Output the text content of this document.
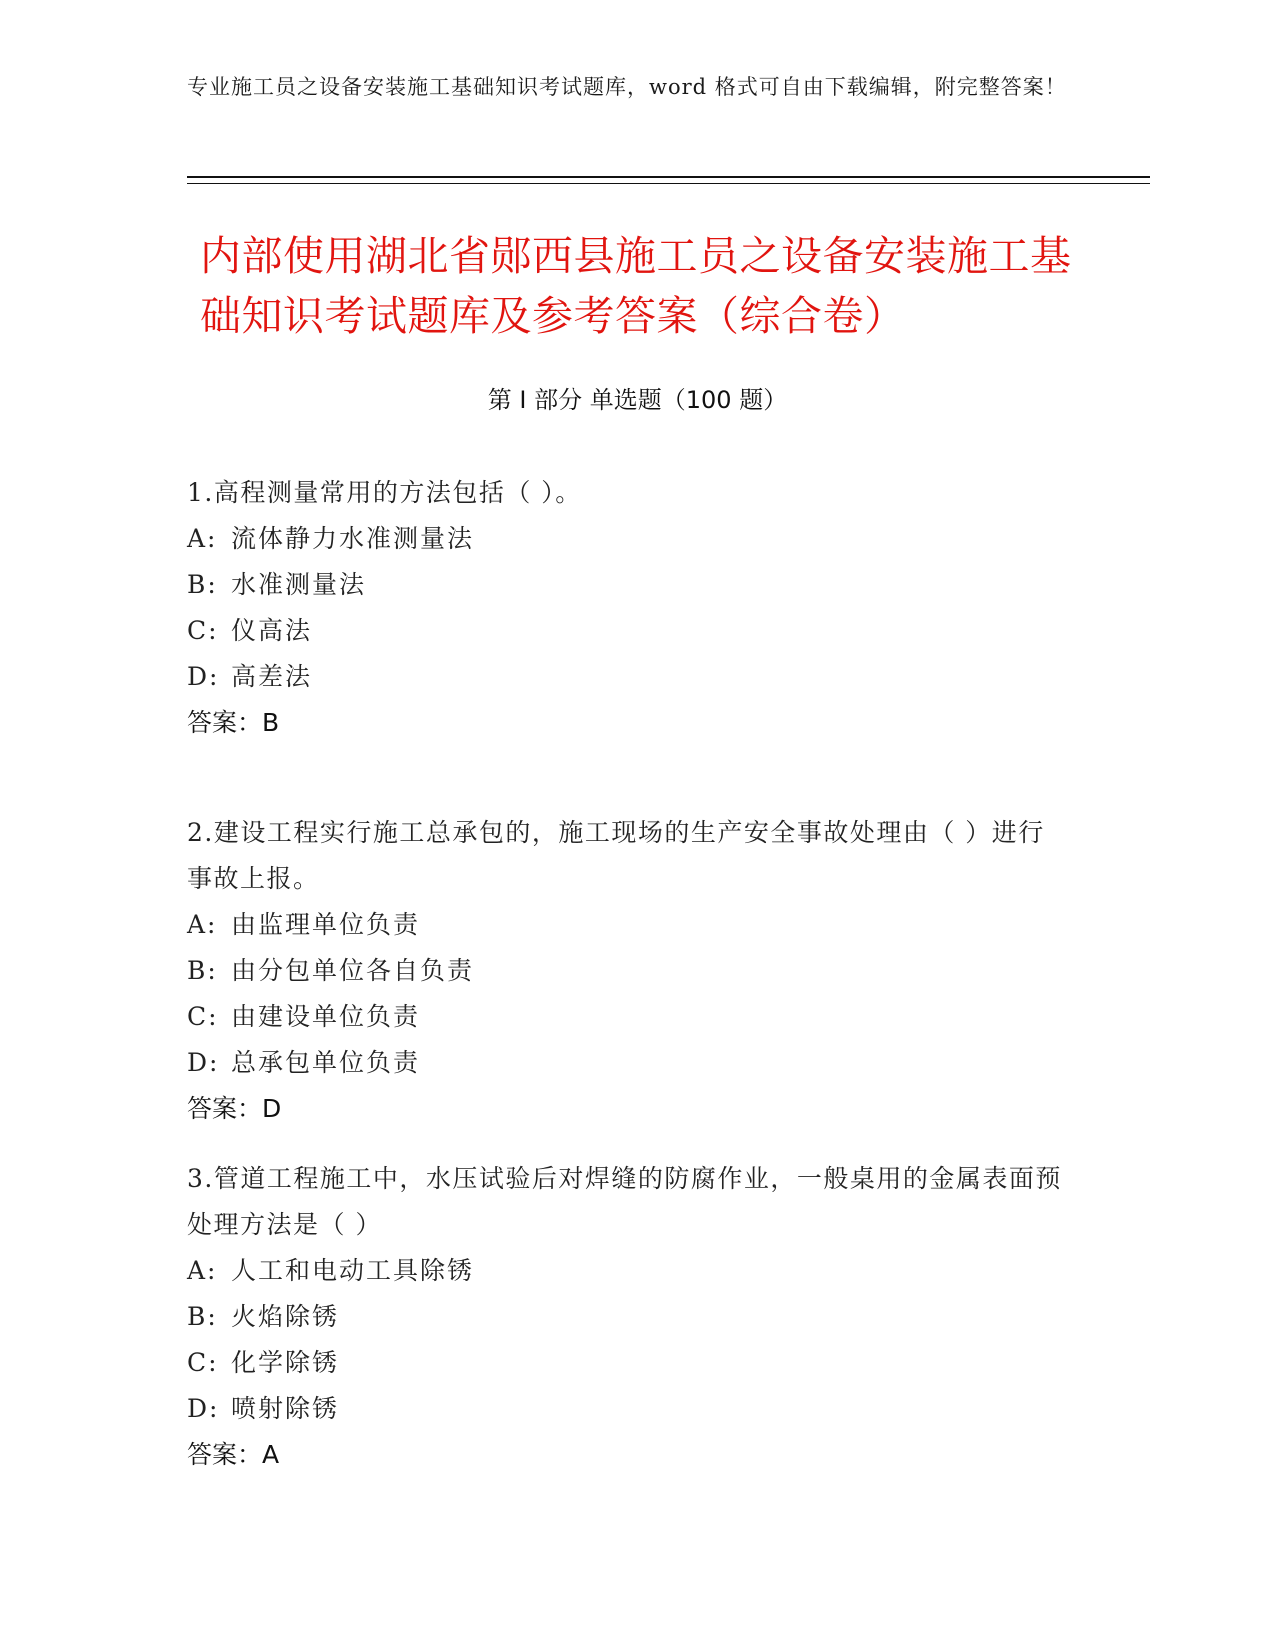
专业施工员之设备安装施工基础知识考试题库，word 格式可自由下载编辑，附完整答案！
内部使用湖北省郧西县施工员之设备安装施工基础知识考试题库及参考答案（综合卷）
第 I 部分 单选题（100 题）
1.高程测量常用的方法包括（ ）。
A: 流体静力水准测量法
B: 水准测量法
C: 仪高法
D: 高差法
答案：B
2.建设工程实行施工总承包的，施工现场的生产安全事故处理由（ ）进行事故上报。
A: 由监理单位负责
B: 由分包单位各自负责
C: 由建设单位负责
D: 总承包单位负责
答案：D
3.管道工程施工中，水压试验后对焊缝的防腐作业，一般桌用的金属表面预处理方法是（ ）
A: 人工和电动工具除锈
B: 火焰除锈
C: 化学除锈
D: 喷射除锈
答案：A
